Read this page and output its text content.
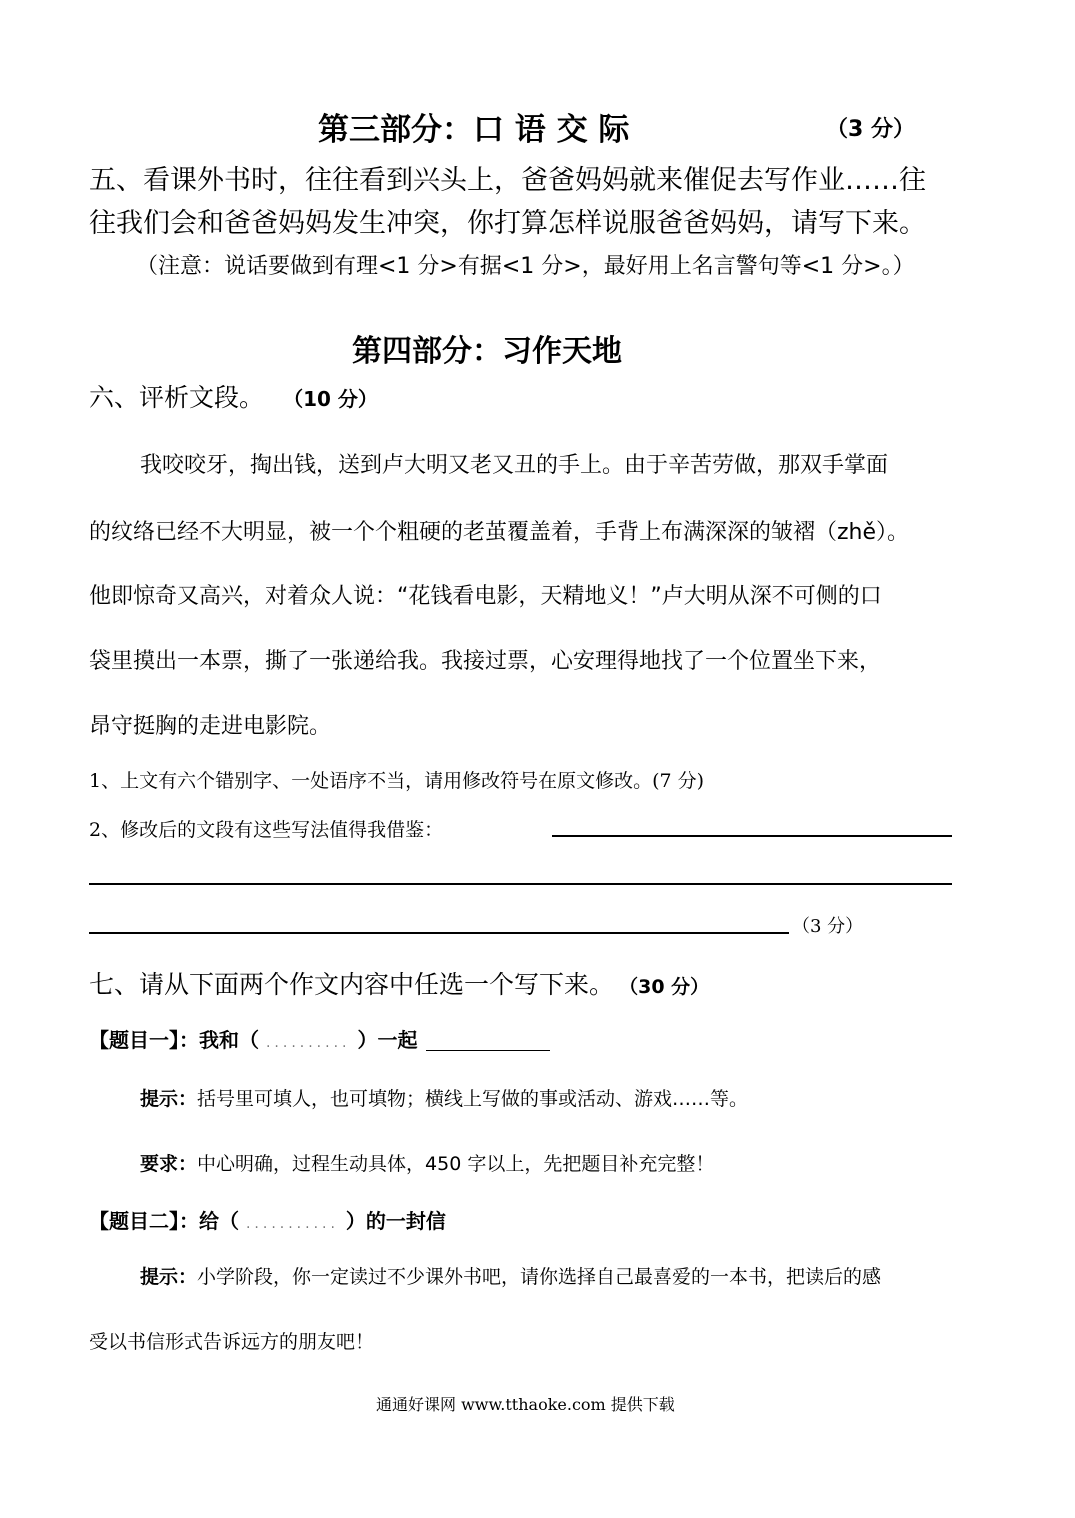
第三部分：口 语 交 际	（3 分）
五、看课外书时，往往看到兴头上，爸爸妈妈就来催促去写作业……往
往我们会和爸爸妈妈发生冲突，你打算怎样说服爸爸妈妈，请写下来。
（注意：说话要做到有理<1 分>有据<1 分>，最好用上名言警句等<1 分>。）
第四部分：习作天地
六、评析文段。 （10 分）
我咬咬牙，掏出钱，送到卢大明又老又丑的手上。由于辛苦劳做，那双手掌面
的纹络已经不大明显，被一个个粗硬的老茧覆盖着，手背上布满深深的皱褶（zhě）。
他即惊奇又高兴，对着众人说：“花钱看电影，天精地义！”卢大明从深不可侧的口
袋里摸出一本票，撕了一张递给我。我接过票，心安理得地找了一个位置坐下来，
昂守挺胸的走进电影院。
1、上文有六个错别字、一处语序不当，请用修改符号在原文修改。(7 分)
2、修改后的文段有这些写法值得我借鉴：
（3 分）
七、请从下面两个作文内容中任选一个写下来。 （30 分）
【题目一】：我和（ .......... ）一起
提示：括号里可填人，也可填物；横线上写做的事或活动、游戏……等。
要求：中心明确，过程生动具体，450 字以上，先把题目补充完整！
【题目二】：给（ ........... ）的一封信
提示：小学阶段，你一定读过不少课外书吧，请你选择自己最喜爱的一本书，把读后的感
受以书信形式告诉远方的朋友吧！
通通好课网 www.tthaoke.com 提供下载
